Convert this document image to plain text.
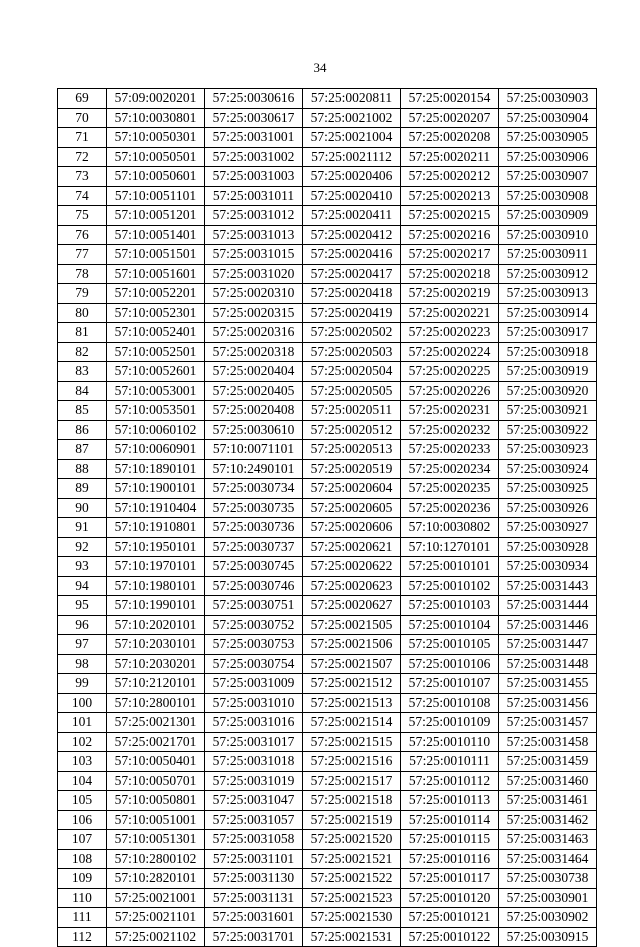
34
69	57:09:0020201	57:25:0030616	57:25:0020811	57:25:0020154	57:25:0030903
70	57:10:0030801	57:25:0030617	57:25:0021002	57:25:0020207	57:25:0030904
71	57:10:0050301	57:25:0031001	57:25:0021004	57:25:0020208	57:25:0030905
72	57:10:0050501	57:25:0031002	57:25:0021112	57:25:0020211	57:25:0030906
73	57:10:0050601	57:25:0031003	57:25:0020406	57:25:0020212	57:25:0030907
74	57:10:0051101	57:25:0031011	57:25:0020410	57:25:0020213	57:25:0030908
75	57:10:0051201	57:25:0031012	57:25:0020411	57:25:0020215	57:25:0030909
76	57:10:0051401	57:25:0031013	57:25:0020412	57:25:0020216	57:25:0030910
77	57:10:0051501	57:25:0031015	57:25:0020416	57:25:0020217	57:25:0030911
78	57:10:0051601	57:25:0031020	57:25:0020417	57:25:0020218	57:25:0030912
79	57:10:0052201	57:25:0020310	57:25:0020418	57:25:0020219	57:25:0030913
80	57:10:0052301	57:25:0020315	57:25:0020419	57:25:0020221	57:25:0030914
81	57:10:0052401	57:25:0020316	57:25:0020502	57:25:0020223	57:25:0030917
82	57:10:0052501	57:25:0020318	57:25:0020503	57:25:0020224	57:25:0030918
83	57:10:0052601	57:25:0020404	57:25:0020504	57:25:0020225	57:25:0030919
84	57:10:0053001	57:25:0020405	57:25:0020505	57:25:0020226	57:25:0030920
85	57:10:0053501	57:25:0020408	57:25:0020511	57:25:0020231	57:25:0030921
86	57:10:0060102	57:25:0030610	57:25:0020512	57:25:0020232	57:25:0030922
87	57:10:0060901	57:10:0071101	57:25:0020513	57:25:0020233	57:25:0030923
88	57:10:1890101	57:10:2490101	57:25:0020519	57:25:0020234	57:25:0030924
89	57:10:1900101	57:25:0030734	57:25:0020604	57:25:0020235	57:25:0030925
90	57:10:1910404	57:25:0030735	57:25:0020605	57:25:0020236	57:25:0030926
91	57:10:1910801	57:25:0030736	57:25:0020606	57:10:0030802	57:25:0030927
92	57:10:1950101	57:25:0030737	57:25:0020621	57:10:1270101	57:25:0030928
93	57:10:1970101	57:25:0030745	57:25:0020622	57:25:0010101	57:25:0030934
94	57:10:1980101	57:25:0030746	57:25:0020623	57:25:0010102	57:25:0031443
95	57:10:1990101	57:25:0030751	57:25:0020627	57:25:0010103	57:25:0031444
96	57:10:2020101	57:25:0030752	57:25:0021505	57:25:0010104	57:25:0031446
97	57:10:2030101	57:25:0030753	57:25:0021506	57:25:0010105	57:25:0031447
98	57:10:2030201	57:25:0030754	57:25:0021507	57:25:0010106	57:25:0031448
99	57:10:2120101	57:25:0031009	57:25:0021512	57:25:0010107	57:25:0031455
100	57:10:2800101	57:25:0031010	57:25:0021513	57:25:0010108	57:25:0031456
101	57:25:0021301	57:25:0031016	57:25:0021514	57:25:0010109	57:25:0031457
102	57:25:0021701	57:25:0031017	57:25:0021515	57:25:0010110	57:25:0031458
103	57:10:0050401	57:25:0031018	57:25:0021516	57:25:0010111	57:25:0031459
104	57:10:0050701	57:25:0031019	57:25:0021517	57:25:0010112	57:25:0031460
105	57:10:0050801	57:25:0031047	57:25:0021518	57:25:0010113	57:25:0031461
106	57:10:0051001	57:25:0031057	57:25:0021519	57:25:0010114	57:25:0031462
107	57:10:0051301	57:25:0031058	57:25:0021520	57:25:0010115	57:25:0031463
108	57:10:2800102	57:25:0031101	57:25:0021521	57:25:0010116	57:25:0031464
109	57:10:2820101	57:25:0031130	57:25:0021522	57:25:0010117	57:25:0030738
110	57:25:0021001	57:25:0031131	57:25:0021523	57:25:0010120	57:25:0030901
111	57:25:0021101	57:25:0031601	57:25:0021530	57:25:0010121	57:25:0030902
112	57:25:0021102	57:25:0031701	57:25:0021531	57:25:0010122	57:25:0030915
